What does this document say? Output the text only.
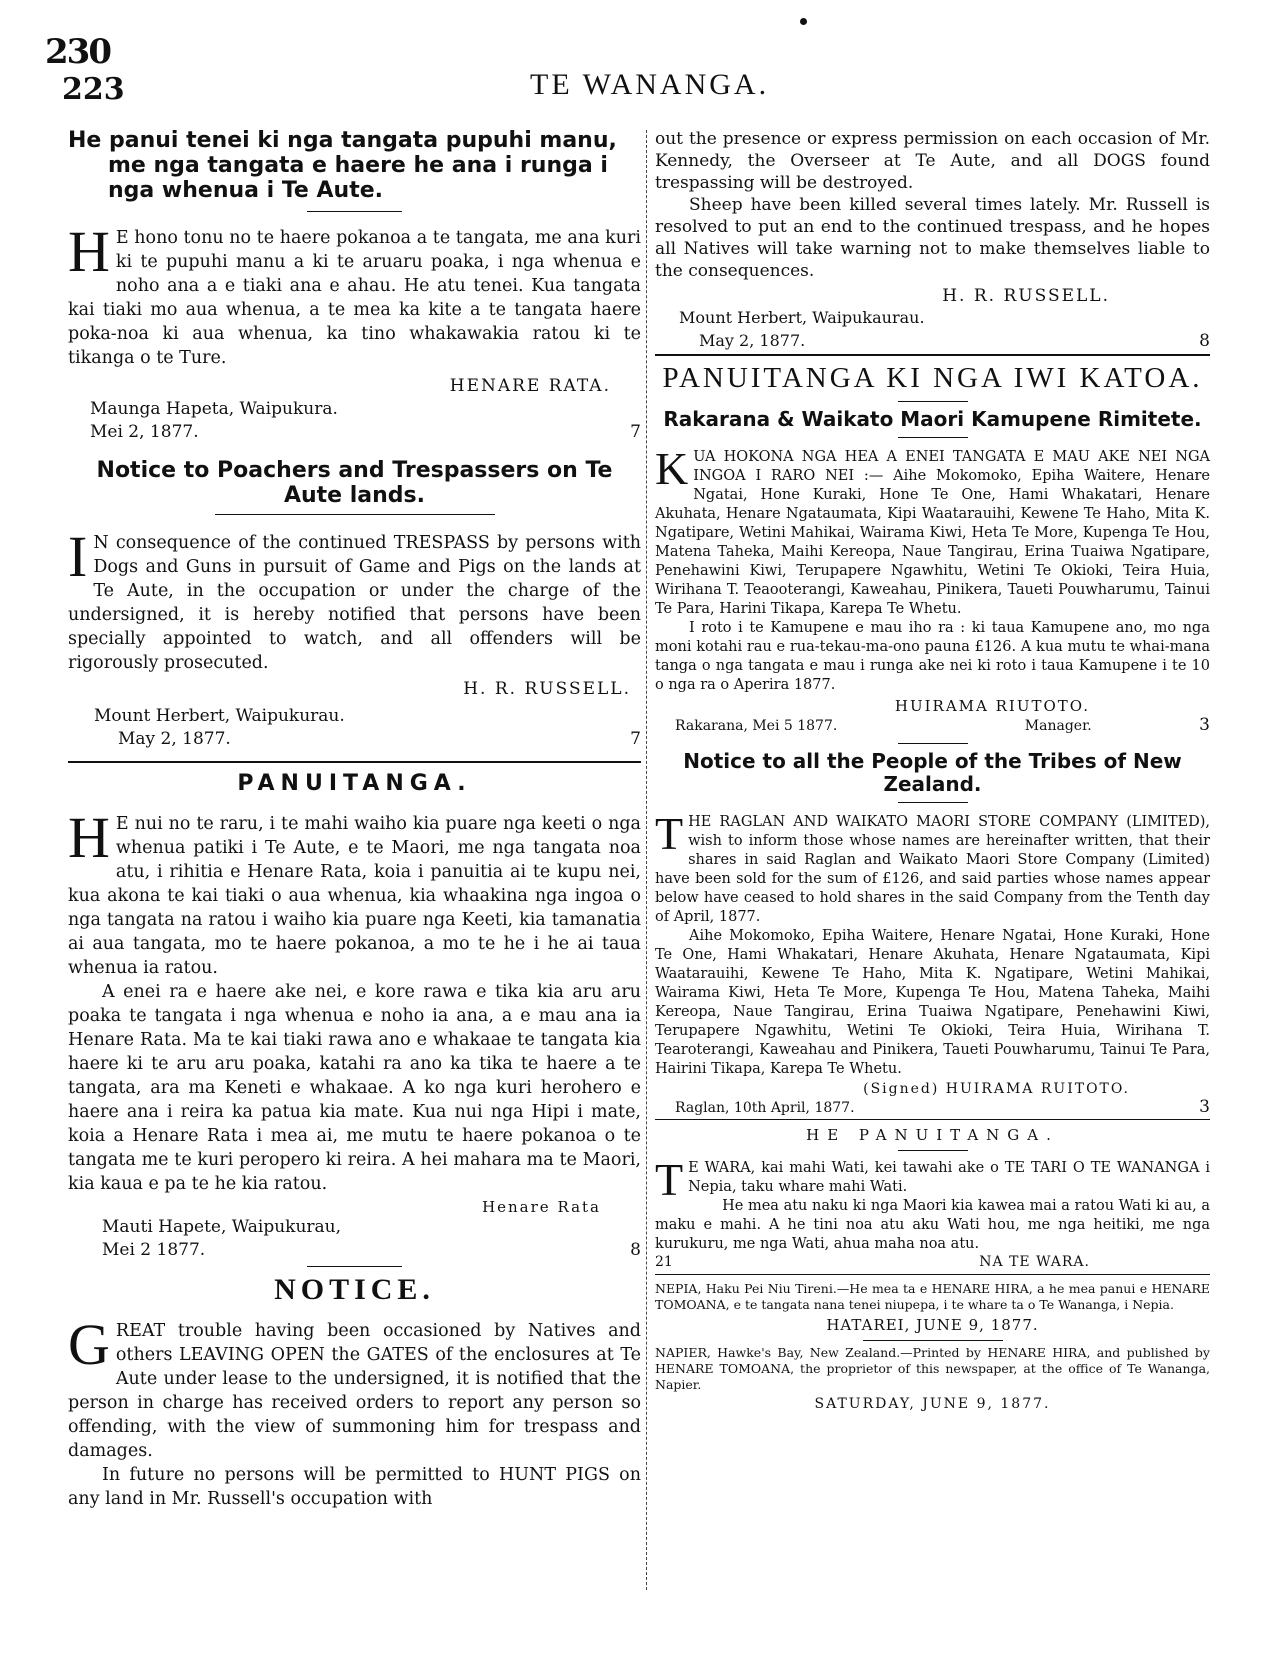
230
223	TE WANANGA.

He panui tenei ki nga tangata pupuhi manu, me nga tangata e haere he ana i runga i nga whenua i Te Aute.

H E hono tonu no te haere pokanoa a te tangata, me ana kuri ki te pupuhi manu a ki te aruaru poaka, i nga whenua e noho ana a e tiaki ana e ahau. He atu tenei. Kua tangata kai tiaki mo aua whenua, a te mea ka kite a te tangata haere poka-noa ki aua whenua, ka tino whakawakia ratou ki te tikanga o te Ture.

HENARE RATA.

Maunga Hapeta, Waipukura.

Mei 2, 1877.	7

Notice to Poachers and Trespassers on Te Aute lands.

I N consequence of the continued TRESPASS by persons with Dogs and Guns in pursuit of Game and Pigs on the lands at Te Aute, in the occupation or under the charge of the undersigned, it is hereby notified that persons have been specially appointed to watch, and all offenders will be rigorously prosecuted.

H. R. RUSSELL.

Mount Herbert, Waipukurau.

May 2, 1877.	7

PANUITANGA.

H E nui no te raru, i te mahi waiho kia puare nga keeti o nga whenua patiki i Te Aute, e te Maori, me nga tangata noa atu, i rihitia e Henare Rata, koia i panuitia ai te kupu nei, kua akona te kai tiaki o aua whenua, kia whaakina nga ingoa o nga tangata na ratou i waiho kia puare nga Keeti, kia tamanatia ai aua tangata, mo te haere pokanoa, a mo te he i he ai taua whenua ia ratou.

A enei ra e haere ake nei, e kore rawa e tika kia aru aru poaka te tangata i nga whenua e noho ia ana, a e mau ana ia Henare Rata. Ma te kai tiaki rawa ano e whakaae te tangata kia haere ki te aru aru poaka, katahi ra ano ka tika te haere a te tangata, ara ma Keneti e whakaae. A ko nga kuri herohero e haere ana i reira ka patua kia mate. Kua nui nga Hipi i mate, koia a Henare Rata i mea ai, me mutu te haere pokanoa o te tangata me te kuri peropero ki reira. A hei mahara ma te Maori, kia kaua e pa te he kia ratou.

Henare Rata

Mauti Hapete, Waipukurau,

Mei 2 1877.	8

NOTICE.

GREAT trouble having been occasioned by Natives and others LEAVING OPEN the GATES of the enclosures at Te Aute under lease to the undersigned, it is notified that the person in charge has received orders to report any person so offending, with the view of summoning him for trespass and damages.

In future no persons will be permitted to HUNT PIGS on any land in Mr. Russell's occupation with

out the presence or express permission on each occasion of Mr. Kennedy, the Overseer at Te Aute, and all DOGS found trespassing will be destroyed.

Sheep have been killed several times lately. Mr. Russell is resolved to put an end to the continued trespass, and he hopes all Natives will take warning not to make themselves liable to the consequences.

H. R. RUSSELL.

Mount Herbert, Waipukaurau.

May 2, 1877.	8

PANUITANGA KI NGA IWI KATOA.

Rakarana & Waikato Maori Kamupene Rimitete.

KUA HOKONA NGA HEA A ENEI TANGATA E MAU AKE NEI NGA INGOA I RARO NEI :— Aihe Mokomoko, Epiha Waitere, Henare Ngatai, Hone Kuraki, Hone Te One, Hami Whakatari, Henare Akuhata, Henare Ngataumata, Kipi Waatarauihi, Kewene Te Haho, Mita K. Ngatipare, Wetini Mahikai, Wairama Kiwi, Heta Te More, Kupenga Te Hou, Matena Taheka, Maihi Kereopa, Naue Tangirau, Erina Tuaiwa Ngatipare, Penehawini Kiwi, Terupapere Ngawhitu, Wetini Te Okioki, Teira Huia, Wirihana T. Teaooterangi, Kaweahau, Pinikera, Taueti Pouwharumu, Tainui Te Para, Harini Tikapa, Karepa Te Whetu.

I roto i te Kamupene e mau iho ra : ki taua Kamupene ano, mo nga moni kotahi rau e rua-tekau-ma-ono pauna £126. A kua mutu te whai-mana tanga o nga tangata e mau i runga ake nei ki roto i taua Kamupene i te 10 o nga ra o Aperira 1877.

HUIRAMA RIUTOTO.

Rakarana, Mei 5 1877.	Manager.	3

Notice to all the People of the Tribes of New Zealand.

THE RAGLAN AND WAIKATO MAORI STORE COMPANY (LIMITED), wish to inform those whose names are hereinafter written, that their shares in said Raglan and Waikato Maori Store Company (Limited) have been sold for the sum of £126, and said parties whose names appear below have ceased to hold shares in the said Company from the Tenth day of April, 1877.

Aihe Mokomoko, Epiha Waitere, Henare Ngatai, Hone Kuraki, Hone Te One, Hami Whakatari, Henare Akuhata, Henare Ngataumata, Kipi Waatarauihi, Kewene Te Haho, Mita K. Ngatipare, Wetini Mahikai, Wairama Kiwi, Heta Te More, Kupenga Te Hou, Matena Taheka, Maihi Kereopa, Naue Tangirau, Erina Tuaiwa Ngatipare, Penehawini Kiwi, Terupapere Ngawhitu, Wetini Te Okioki, Teira Huia, Wirihana T. Tearoterangi, Kaweahau and Pinikera, Taueti Pouwharumu, Tainui Te Para, Hairini Tikapa, Karepa Te Whetu.

(Signed) HUIRAMA RUITOTO.

Raglan, 10th April, 1877.	3

HE PANUITANGA.

T E WARA, kai mahi Wati, kei tawahi ake o TE TARI O TE WANANGA i Nepia, taku whare mahi Wati.

He mea atu naku ki nga Maori kia kawea mai a ratou Wati ki au, a maku e mahi. A he tini noa atu aku Wati hou, me nga heitiki, me nga kurukuru, me nga Wati, ahua maha noa atu.

21	NA TE WARA.

NEPIA, Haku Pei Niu Tireni.—He mea ta e HENARE HIRA, a he mea panui e HENARE TOMOANA, e te tangata nana tenei niupepa, i te whare ta o Te Wananga, i Nepia.

HATAREI, JUNE 9, 1877.

NAPIER, Hawke's Bay, New Zealand.—Printed by HENARE HIRA, and published by HENARE TOMOANA, the proprietor of this newspaper, at the office of Te Wananga, Napier.

SATURDAY, JUNE 9, 1877.
